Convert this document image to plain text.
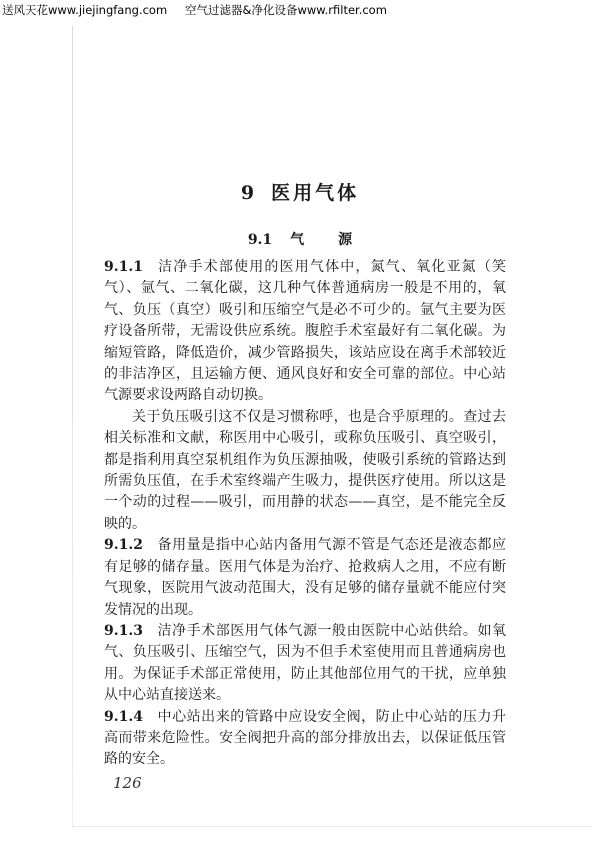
送风天花www.jiejingfang.com 空气过滤器&净化设备www.rfilter.com
9 医用气体
9.1 气 源

9.1.1 洁净手术部使用的医用气体中，氮气、氧化亚氮（笑气）、氩气、二氧化碳，这几种气体普通病房一般是不用的，氧气、负压（真空）吸引和压缩空气是必不可少的。氩气主要为医疗设备所带，无需设供应系统。腹腔手术室最好有二氧化碳。为缩短管路，降低造价，减少管路损失，该站应设在离手术部较近的非洁净区，且运输方便、通风良好和安全可靠的部位。中心站气源要求设两路自动切换。

关于负压吸引这不仅是习惯称呼，也是合乎原理的。查过去相关标准和文献，称医用中心吸引，或称负压吸引、真空吸引，都是指利用真空泵机组作为负压源抽吸，使吸引系统的管路达到所需负压值，在手术室终端产生吸力，提供医疗使用。所以这是一个动的过程——吸引，而用静的状态——真空，是不能完全反映的。

9.1.2 备用量是指中心站内备用气源不管是气态还是液态都应有足够的储存量。医用气体是为治疗、抢救病人之用，不应有断气现象，医院用气波动范围大，没有足够的储存量就不能应付突发情况的出现。

9.1.3 洁净手术部医用气体气源一般由医院中心站供给。如氧气、负压吸引、压缩空气，因为不但手术室使用而且普通病房也用。为保证手术部正常使用，防止其他部位用气的干扰，应单独从中心站直接送来。

9.1.4 中心站出来的管路中应设安全阀，防止中心站的压力升高而带来危险性。安全阀把升高的部分排放出去，以保证低压管路的安全。

126
